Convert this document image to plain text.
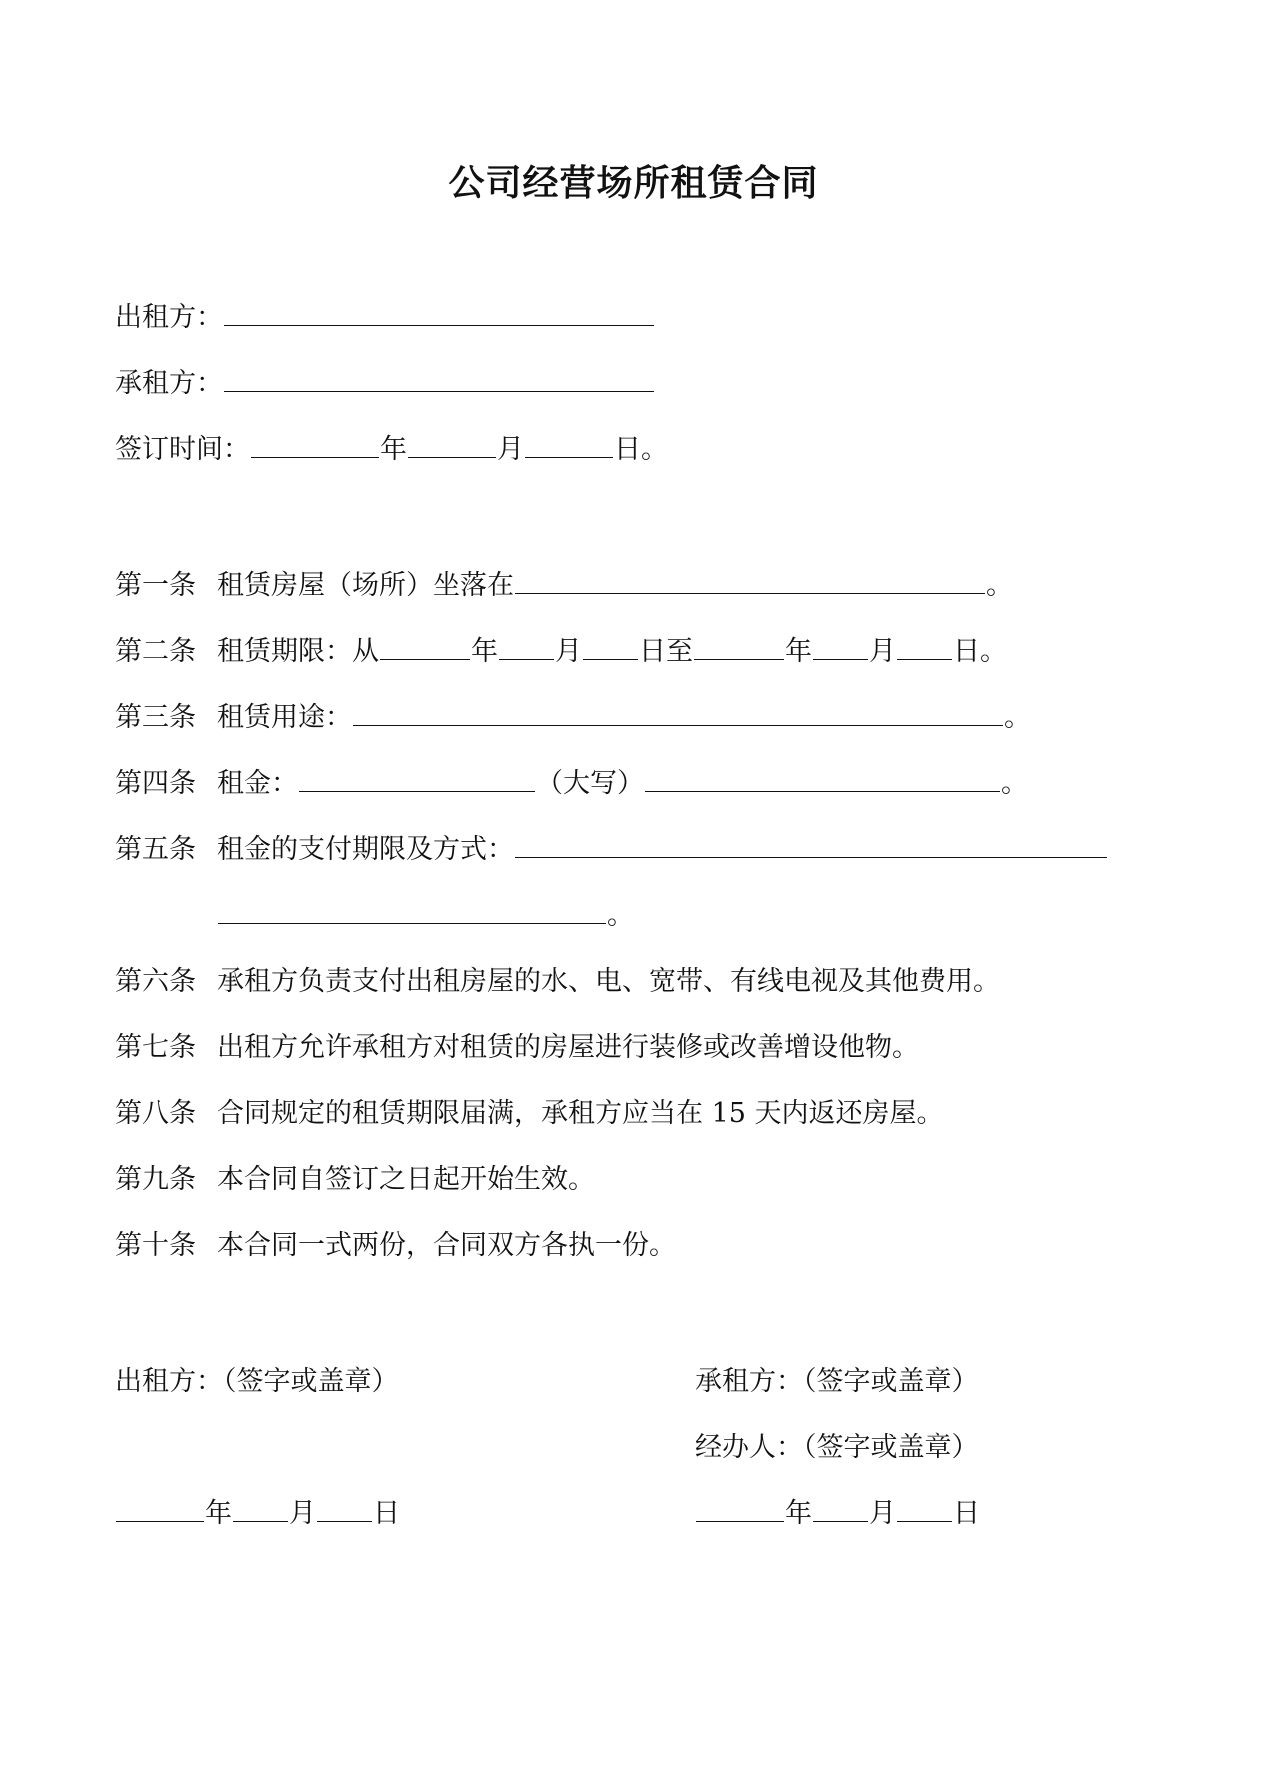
公司经营场所租赁合同
出租方：
承租方：
签订时间：	年	月	日。
第一条 租赁房屋（场所）坐落在	。
第二条 租赁期限：从	年 月 日至	年 月 日。
第三条 租赁用途：	。
第四条 租金：	（大写）	。
第五条 租金的支付期限及方式：
。
第六条 承租方负责支付出租房屋的水、电、宽带、有线电视及其他费用。
第七条 出租方允许承租方对租赁的房屋进行装修或改善增设他物。
第八条 合同规定的租赁期限届满，承租方应当在 15 天内返还房屋。
第九条 本合同自签订之日起开始生效。
第十条 本合同一式两份，合同双方各执一份。
出租方：（签字或盖章）	承租方：（签字或盖章）
经办人：（签字或盖章）
年 月 日	年 月 日
